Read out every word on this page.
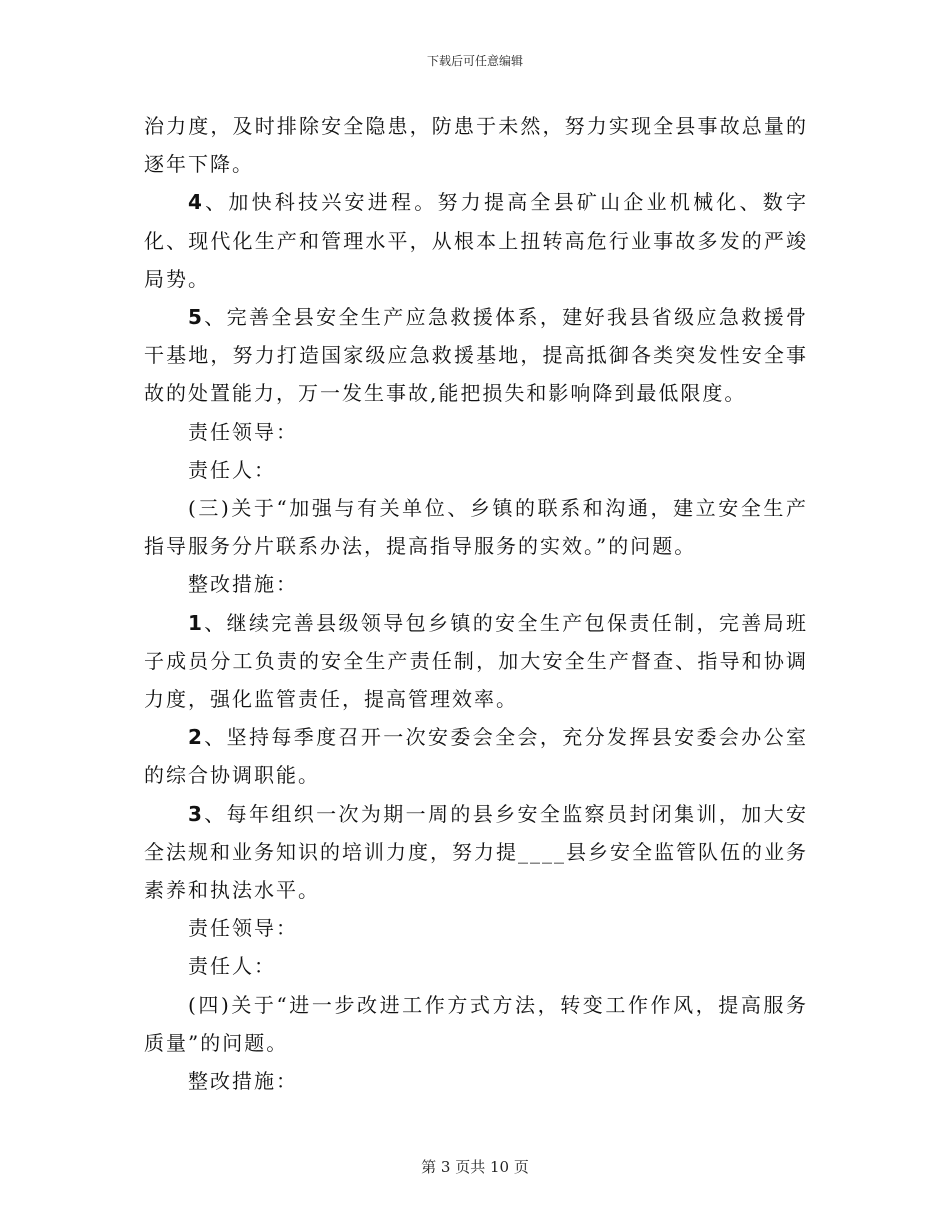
下载后可任意编辑

治力度，及时排除安全隐患，防患于未然，努力实现全县事故总量的逐年下降。

4、加快科技兴安进程。努力提高全县矿山企业机械化、数字化、现代化生产和管理水平，从根本上扭转高危行业事故多发的严竣局势。

5、完善全县安全生产应急救援体系，建好我县省级应急救援骨干基地，努力打造国家级应急救援基地，提高抵御各类突发性安全事故的处置能力，万一发生事故,能把损失和影响降到最低限度。

责任领导：

责任人：

(三)关于“加强与有关单位、乡镇的联系和沟通，建立安全生产指导服务分片联系办法，提高指导服务的实效。”的问题。

整改措施：

1、继续完善县级领导包乡镇的安全生产包保责任制，完善局班子成员分工负责的安全生产责任制，加大安全生产督查、指导和协调力度，强化监管责任，提高管理效率。

2、坚持每季度召开一次安委会全会，充分发挥县安委会办公室的综合协调职能。

3、每年组织一次为期一周的县乡安全监察员封闭集训，加大安全法规和业务知识的培训力度，努力提____县乡安全监管队伍的业务素养和执法水平。

责任领导：

责任人：

(四)关于“进一步改进工作方式方法，转变工作作风，提高服务质量”的问题。

整改措施：

第 3 页共 10 页
